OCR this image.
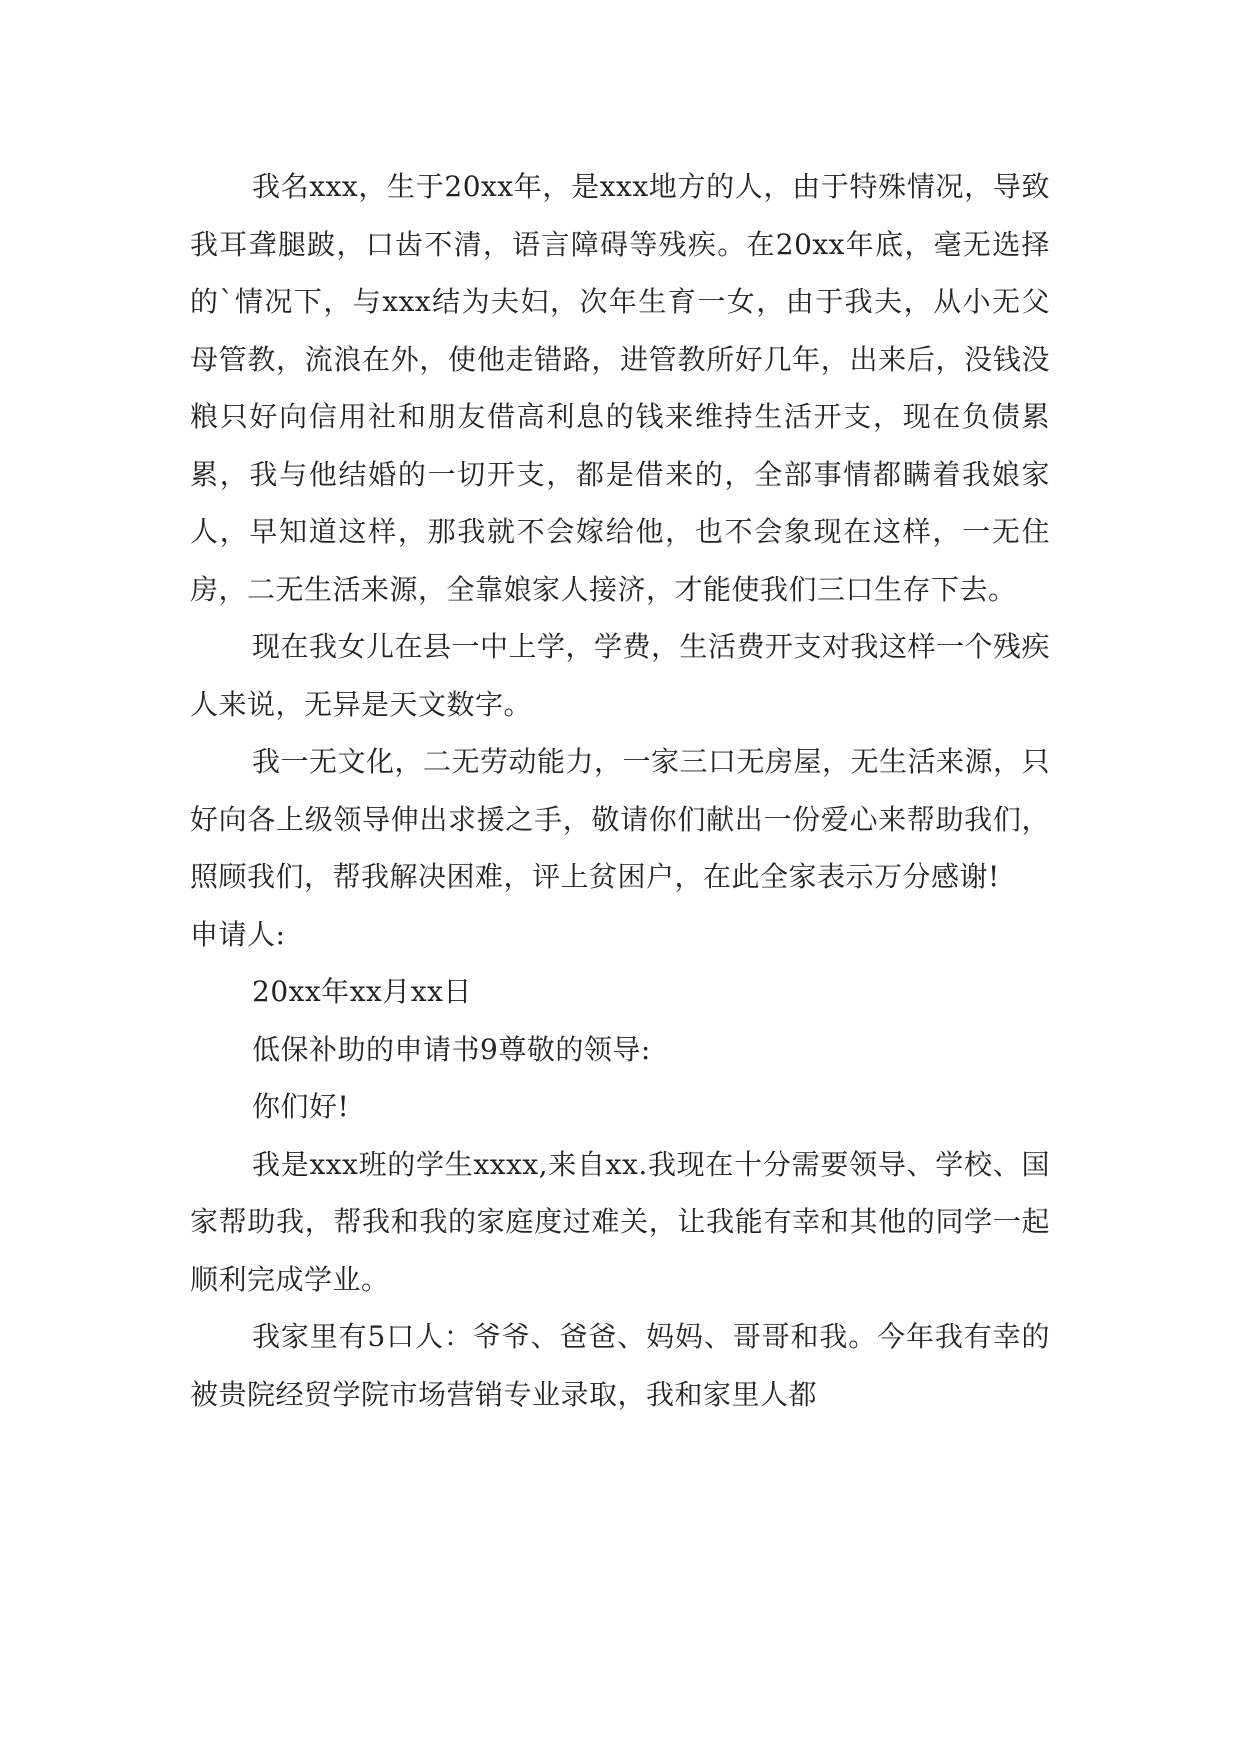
我名xxx，生于20xx年，是xxx地方的人，由于特殊情况，导致我耳聋腿跛，口齿不清，语言障碍等残疾。在20xx年底，毫无选择的`情况下，与xxx结为夫妇，次年生育一女，由于我夫，从小无父母管教，流浪在外，使他走错路，进管教所好几年，出来后，没钱没粮只好向信用社和朋友借高利息的钱来维持生活开支，现在负债累累，我与他结婚的一切开支，都是借来的，全部事情都瞒着我娘家人，早知道这样，那我就不会嫁给他，也不会象现在这样，一无住房，二无生活来源，全靠娘家人接济，才能使我们三口生存下去。

现在我女儿在县一中上学，学费，生活费开支对我这样一个残疾人来说，无异是天文数字。

我一无文化，二无劳动能力，一家三口无房屋，无生活来源，只好向各上级领导伸出求援之手，敬请你们献出一份爱心来帮助我们，照顾我们，帮我解决困难，评上贫困户，在此全家表示万分感谢!

申请人:

20xx年xx月xx日

低保补助的申请书9尊敬的领导:

你们好!

我是xxx班的学生xxxx,来自xx.我现在十分需要领导、学校、国家帮助我，帮我和我的家庭度过难关，让我能有幸和其他的同学一起顺利完成学业。

我家里有5口人：爷爷、爸爸、妈妈、哥哥和我。今年我有幸的被贵院经贸学院市场营销专业录取，我和家里人都
